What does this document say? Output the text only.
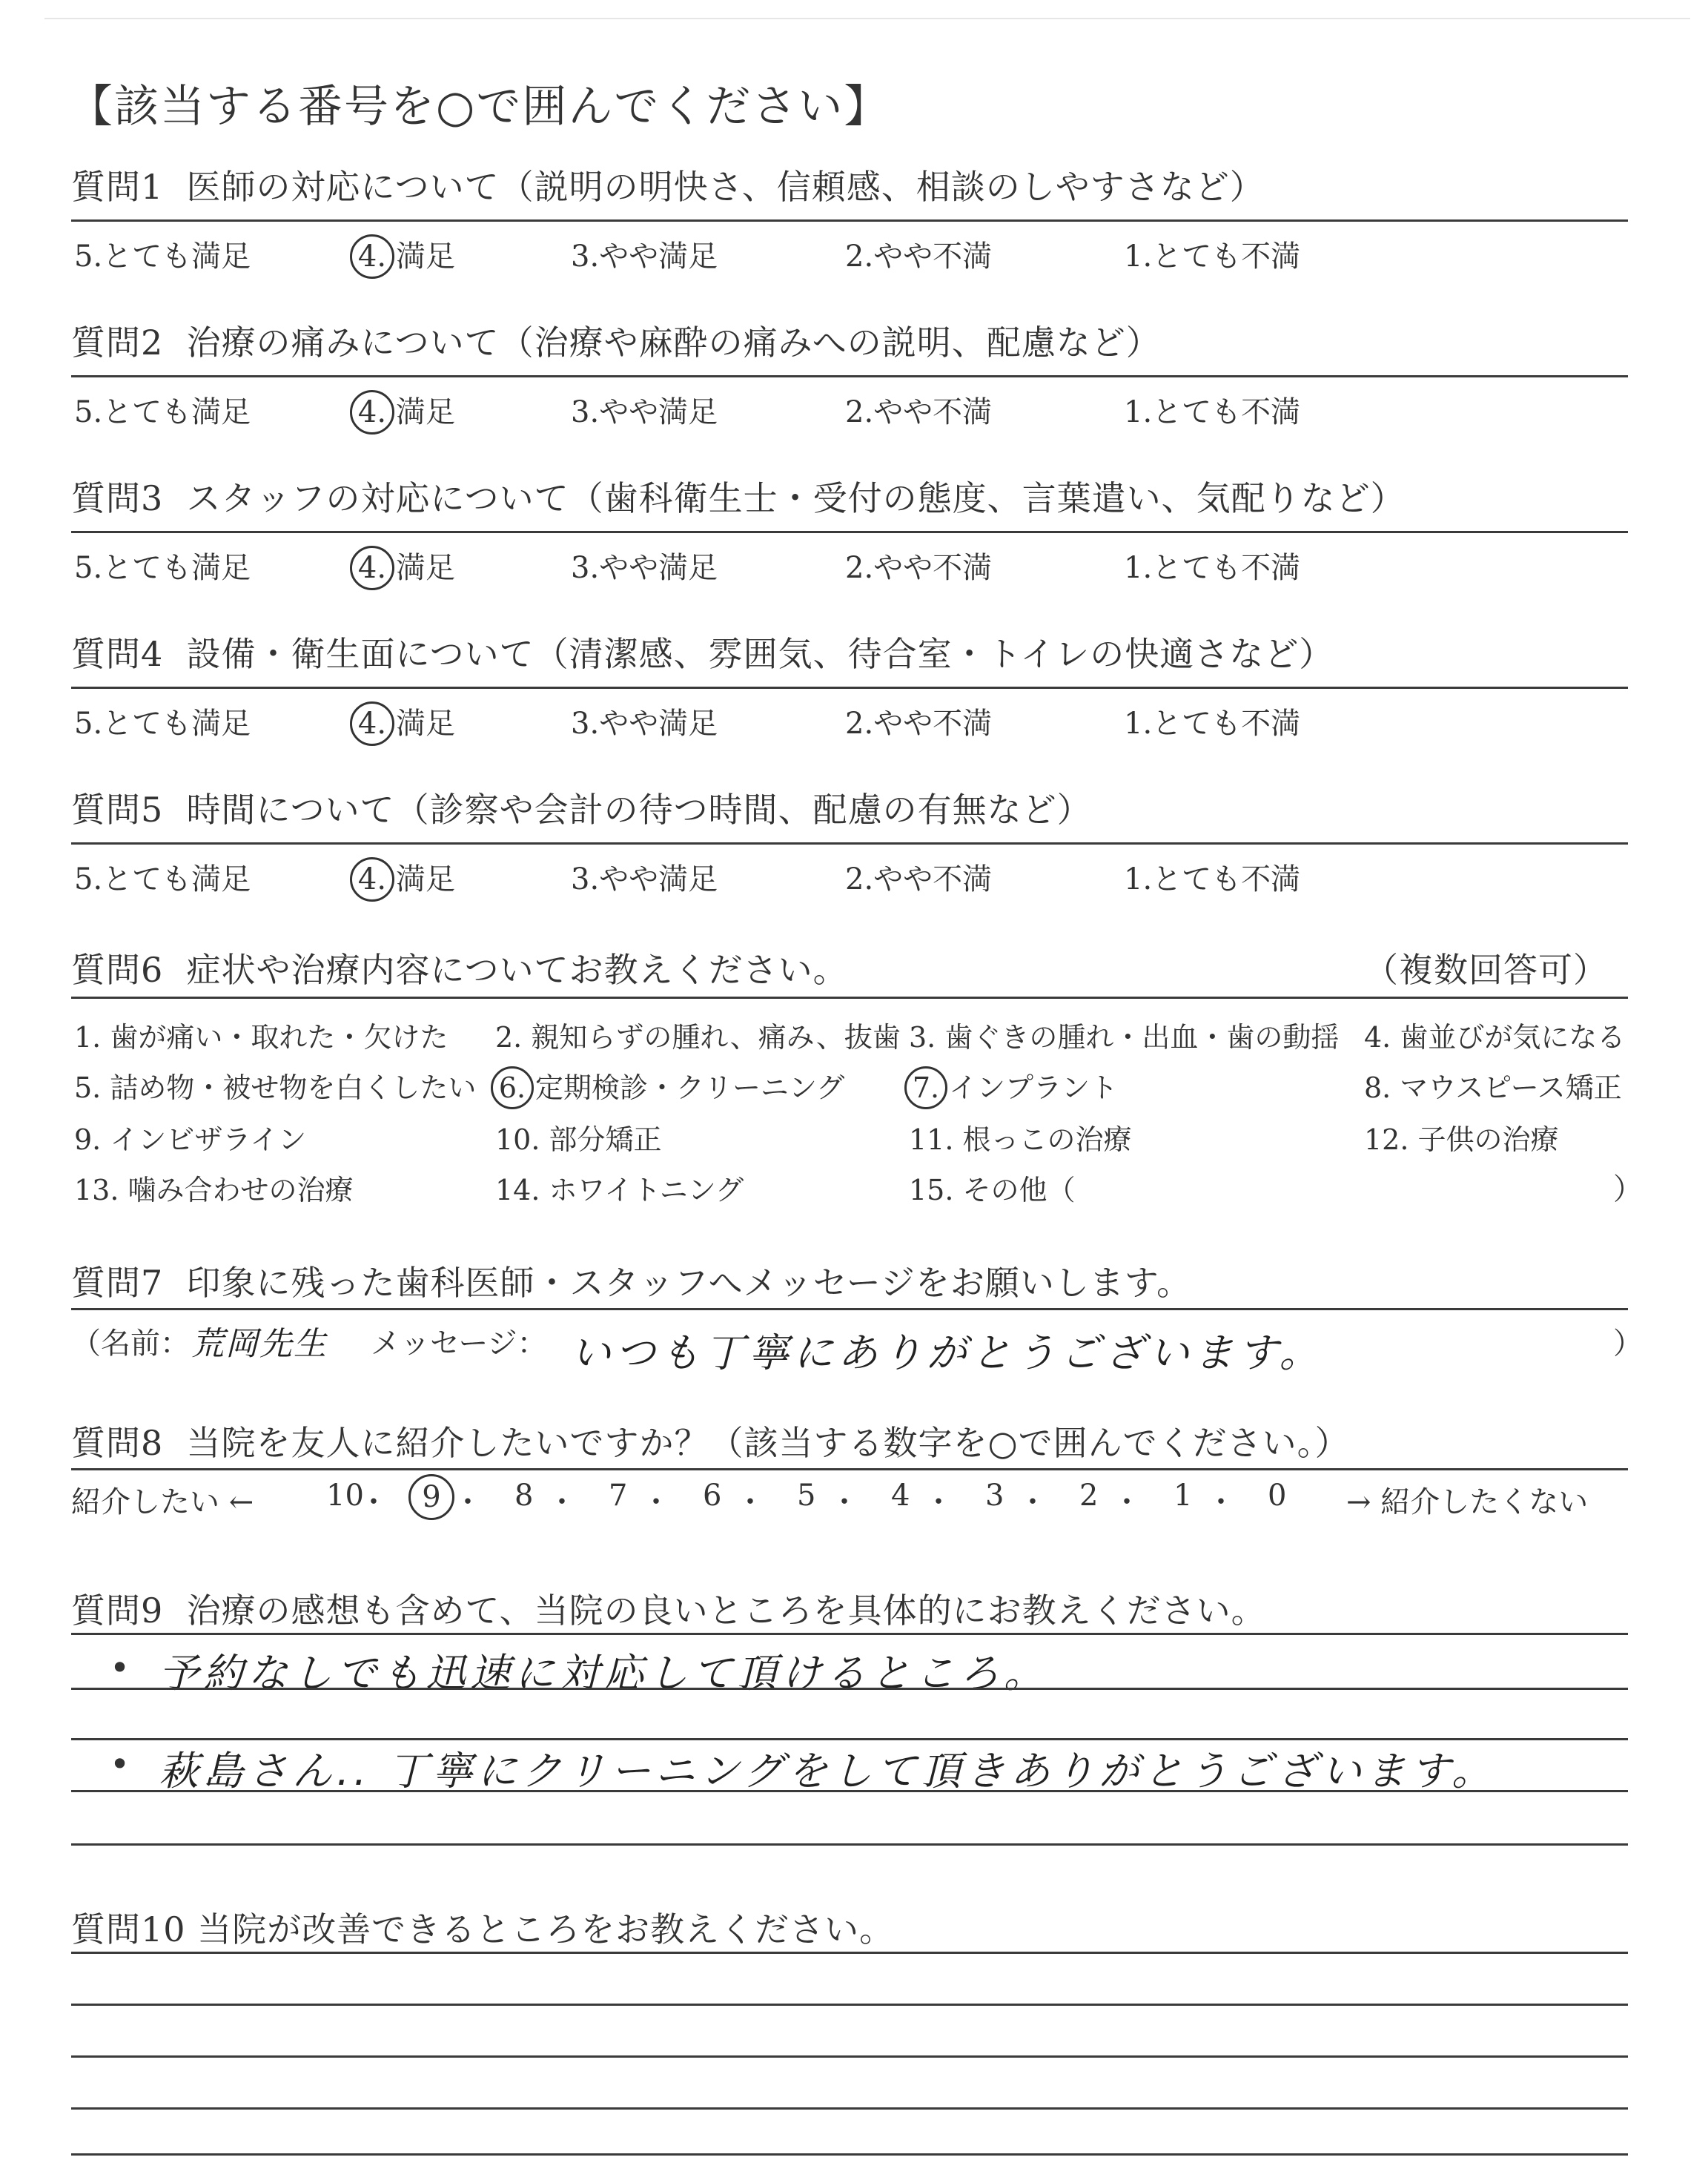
【該当する番号を○で囲んでください】
質問1 医師の対応について（説明の明快さ、信頼感、相談のしやすさなど）
5.とても満足	4. 満足	3.やや満足	2.やや不満	1.とても不満
質問2 治療の痛みについて（治療や麻酔の痛みへの説明、配慮など）
5.とても満足	4. 満足	3.やや満足	2.やや不満	1.とても不満
質問3 スタッフの対応について（歯科衛生士・受付の態度、言葉遣い、気配りなど）
5.とても満足	4. 満足	3.やや満足	2.やや不満	1.とても不満
質問4 設備・衛生面について（清潔感、雰囲気、待合室・トイレの快適さなど）
5.とても満足	4. 満足	3.やや満足	2.やや不満	1.とても不満
質問5 時間について（診察や会計の待つ時間、配慮の有無など）
5.とても満足	4. 満足	3.やや満足	2.やや不満	1.とても不満
質問6 症状や治療内容についてお教えください。	（複数回答可）
1. 歯が痛い・取れた・欠けた 2. 親知らずの腫れ、痛み、抜歯 3. 歯ぐきの腫れ・出血・歯の動揺 4. 歯並びが気になる
5. 詰め物・被せ物を白くしたい 6. 定期検診・クリーニング 7. インプラント	8. マウスピース矯正
9. インビザライン	10. 部分矯正	11. 根っこの治療	12. 子供の治療
13. 噛み合わせの治療	14. ホワイトニング	15. その他（	）
質問7 印象に残った歯科医師・スタッフへメッセージをお願いします。
（名前： 荒岡先生 メッセージ： いつも丁寧にありがとうございます。	）
質問8 当院を友人に紹介したいですか？（該当する数字を○で囲んでください。）
紹介したい ← 10
・	9 ・ 8 ・ 7 ・ 6 ・ 5 ・ 4 ・ 3 ・ 2 ・ 1 ・ 0 → 紹介したくない
質問9 治療の感想も含めて、当院の良いところを具体的にお教えください。
• 予約なしでも迅速に対応して頂けるところ。
• 萩島さん.. 丁寧にクリーニングをして頂きありがとうございます。
質問10 当院が改善できるところをお教えください。
